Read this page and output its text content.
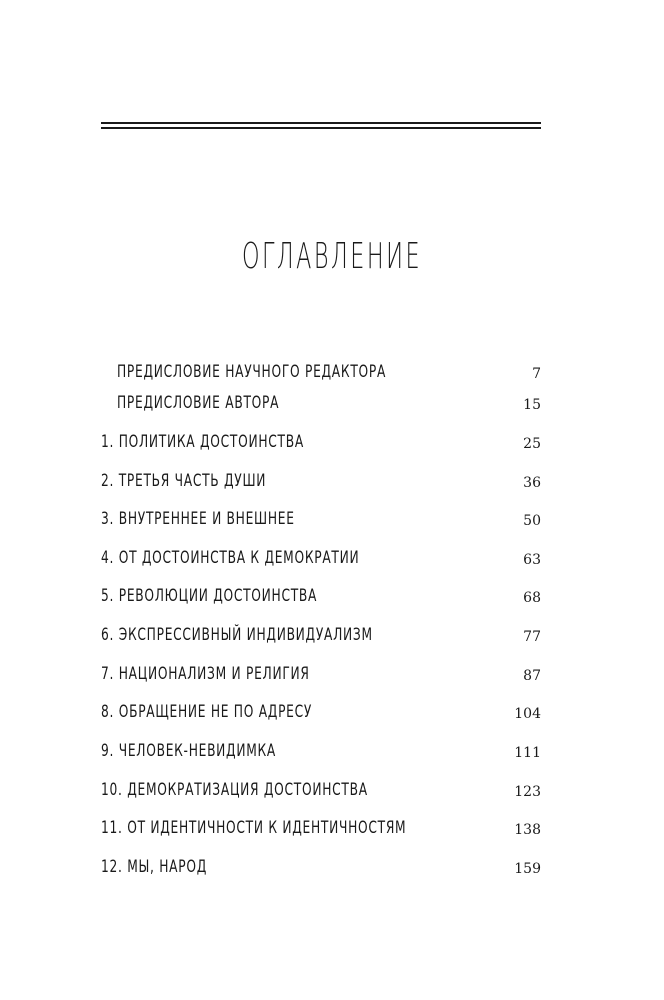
ОГЛАВЛЕНИЕ
ПРЕДИСЛОВИЕ НАУЧНОГО РЕДАКТОРА	7
ПРЕДИСЛОВИЕ АВТОРА	15
1. ПОЛИТИКА ДОСТОИНСТВА	25
2. ТРЕТЬЯ ЧАСТЬ ДУШИ	36
3. ВНУТРЕННЕЕ И ВНЕШНЕЕ	50
4. ОТ ДОСТОИНСТВА К ДЕМОКРАТИИ	63
5. РЕВОЛЮЦИИ ДОСТОИНСТВА	68
6. ЭКСПРЕССИВНЫЙ ИНДИВИДУАЛИЗМ	77
7. НАЦИОНАЛИЗМ И РЕЛИГИЯ	87
8. ОБРАЩЕНИЕ НЕ ПО АДРЕСУ	104
9. ЧЕЛОВЕК-НЕВИДИМКА	111
10. ДЕМОКРАТИЗАЦИЯ ДОСТОИНСТВА	123
11. ОТ ИДЕНТИЧНОСТИ К ИДЕНТИЧНОСТЯМ	138
12. МЫ, НАРОД	159
